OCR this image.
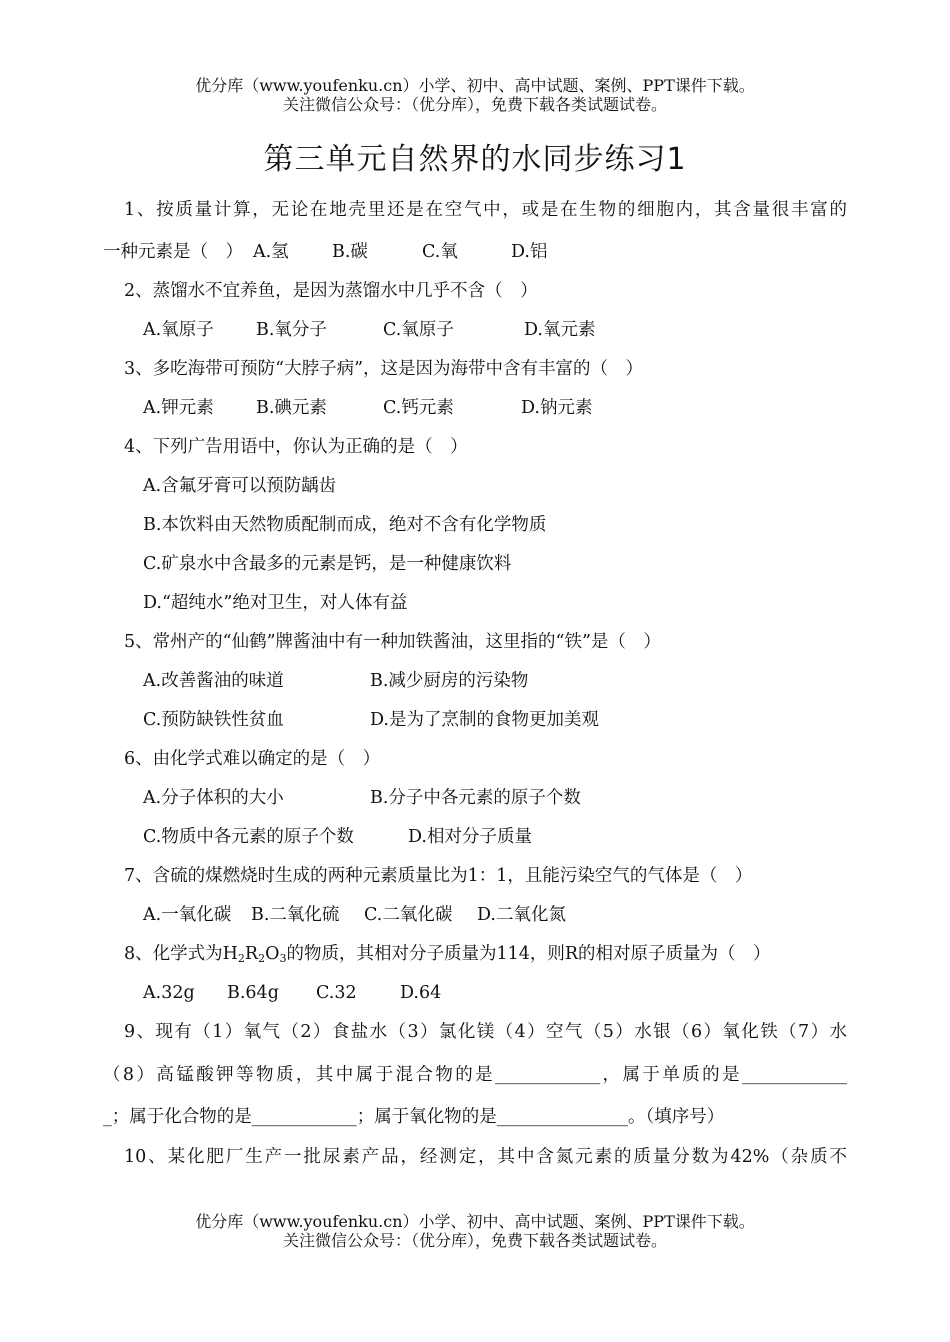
优分库（www.youfenku.cn）小学、初中、高中试题、案例、PPT课件下载。
关注微信公众号：（优分库），免费下载各类试题试卷。
第三单元自然界的水同步练习1
1、按质量计算，无论在地壳里还是在空气中，或是在生物的细胞内，其含量很丰富的
一种元素是（　） A.氢 B.碳	C.氧	D.铝
2、蒸馏水不宜养鱼，是因为蒸馏水中几乎不含（　）
A.氧原子 B.氧分子	C.氧原子	D.氧元素
3、多吃海带可预防“大脖子病”，这是因为海带中含有丰富的（　）
A.钾元素 B.碘元素	C.钙元素	D.钠元素
4、下列广告用语中，你认为正确的是（　）
A.含氟牙膏可以预防龋齿
B.本饮料由天然物质配制而成，绝对不含有化学物质
C.矿泉水中含最多的元素是钙，是一种健康饮料
D.“超纯水”绝对卫生，对人体有益
5、常州产的“仙鹤”牌酱油中有一种加铁酱油，这里指的“铁”是（　）
A.改善酱油的味道	B.减少厨房的污染物
C.预防缺铁性贫血	D.是为了烹制的食物更加美观
6、由化学式难以确定的是（　）
A.分子体积的大小	B.分子中各元素的原子个数
C.物质中各元素的原子个数	D.相对分子质量
7、含硫的煤燃烧时生成的两种元素质量比为1：1，且能污染空气的气体是（　）
A.一氧化碳 B.二氧化硫 C.二氧化碳 D.二氧化氮
8、化学式为$H_2R_2O_3$的物质，其相对分子质量为114，则R的相对原子质量为（　）
A.32g B.64g C.32 D.64
9、现有（1）氧气（2）食盐水（3）氯化镁（4）空气（5）水银（6）氧化铁（7）水
（8）高锰酸钾等物质，其中属于混合物的是____________，属于单质的是____________
_；属于化合物的是____________；属于氧化物的是_______________。（填序号）
10、某化肥厂生产一批尿素产品，经测定，其中含氮元素的质量分数为42%（杂质不
优分库（www.youfenku.cn）小学、初中、高中试题、案例、PPT课件下载。
关注微信公众号：（优分库），免费下载各类试题试卷。
